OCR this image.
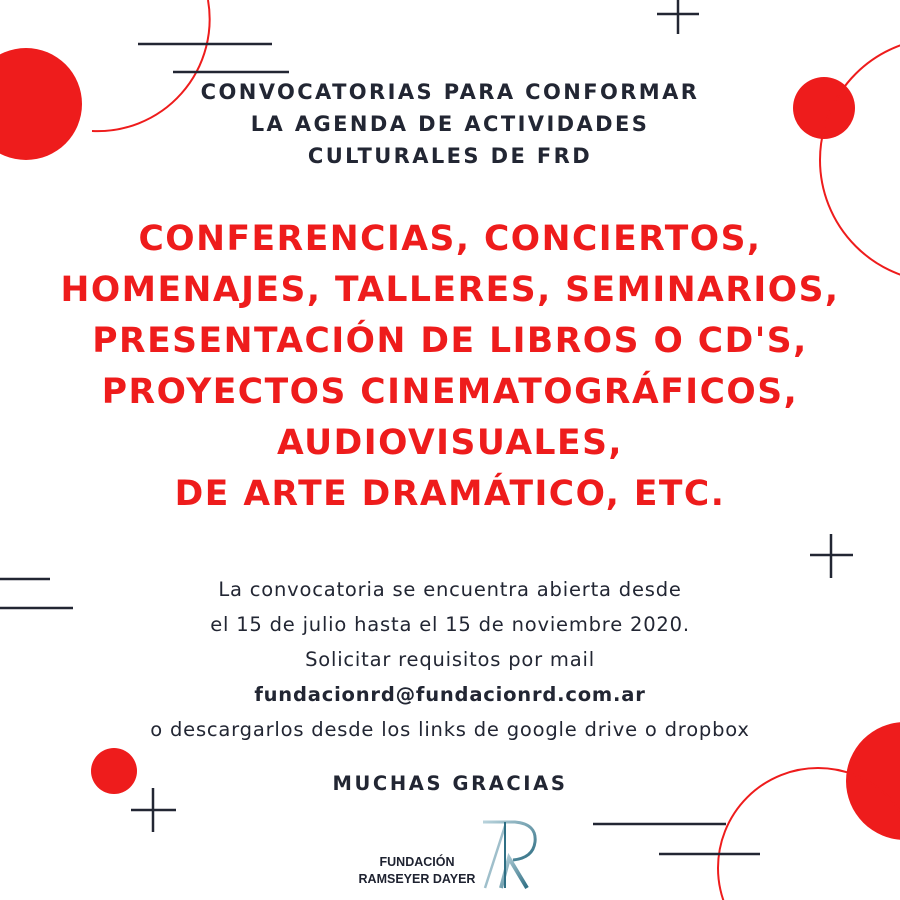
CONVOCATORIAS PARA CONFORMAR
LA AGENDA DE ACTIVIDADES
CULTURALES DE FRD
CONFERENCIAS, CONCIERTOS,
HOMENAJES, TALLERES, SEMINARIOS,
PRESENTACIÓN DE LIBROS O CD'S,
PROYECTOS CINEMATOGRÁFICOS,
AUDIOVISUALES,
DE ARTE DRAMÁTICO, ETC.
La convocatoria se encuentra abierta desde
el 15 de julio hasta el 15 de noviembre 2020.
Solicitar requisitos por mail
fundacionrd@fundacionrd.com.ar
o descargarlos desde los links de google drive o dropbox
MUCHAS GRACIAS
FUNDACIÓN
RAMSEYER DAYER
